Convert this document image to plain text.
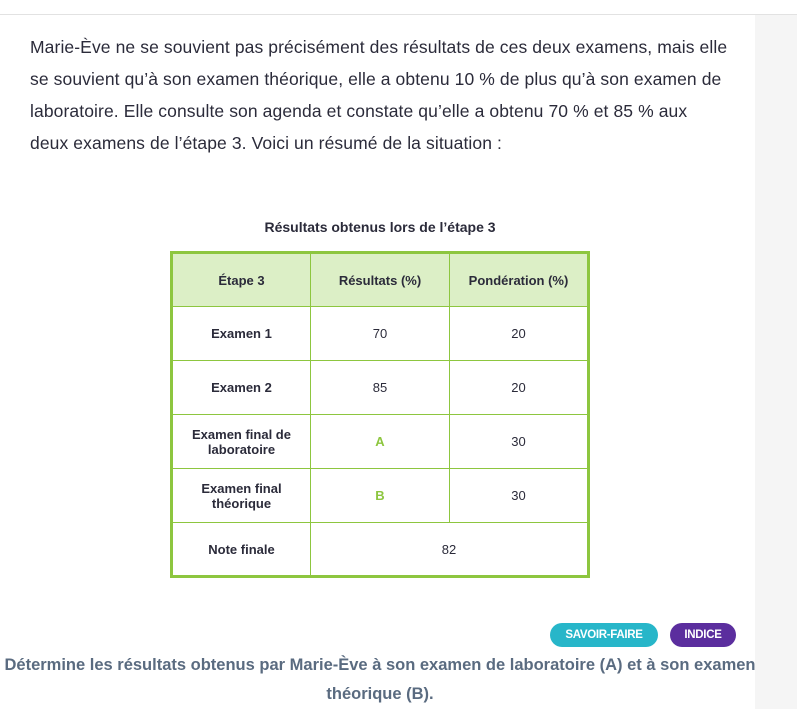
Marie-Ève ne se souvient pas précisément des résultats de ces deux examens, mais elle se souvient qu’à son examen théorique, elle a obtenu 10 % de plus qu’à son examen de laboratoire. Elle consulte son agenda et constate qu’elle a obtenu 70 % et 85 % aux deux examens de l’étape 3. Voici un résumé de la situation :
Résultats obtenus lors de l’étape 3
Étape 3	Résultats (%)	Pondération (%)
Examen 1	70	20
Examen 2	85	20
Examen final de laboratoire	A	30
Examen final théorique	B	30
Note finale	82	
SAVOIR-FAIRE	INDICE
Détermine les résultats obtenus par Marie-Ève à son examen de laboratoire (A) et à son examen théorique (B).
